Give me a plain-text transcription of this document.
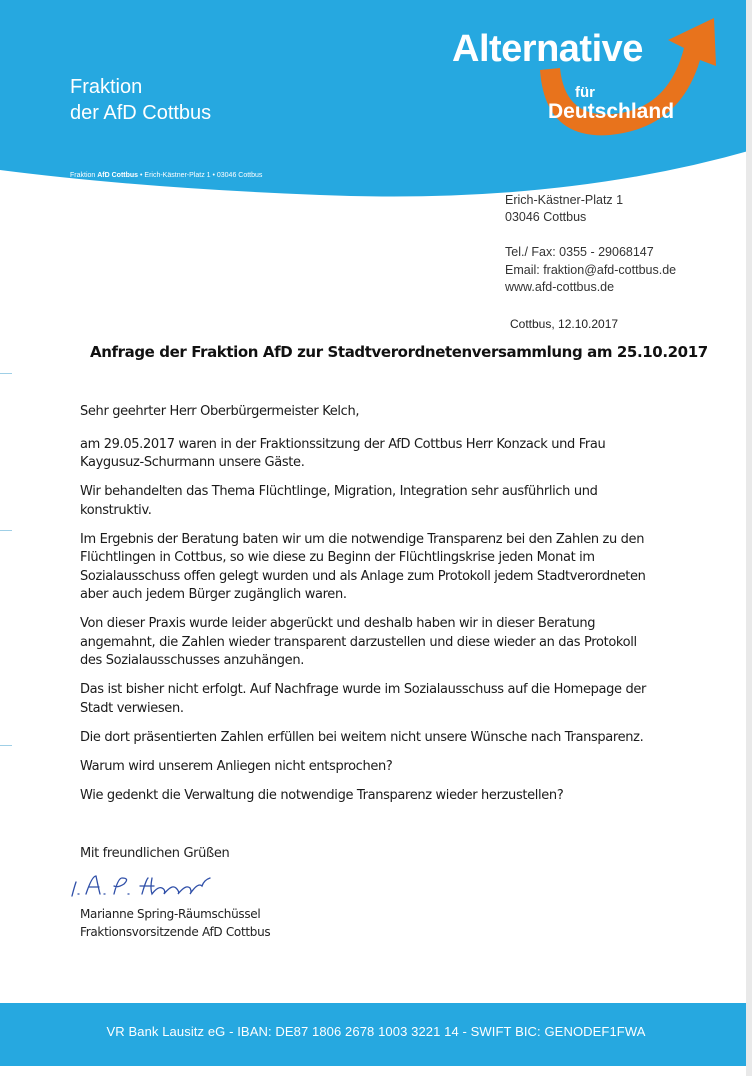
Fraktion
der AfD Cottbus
Alternative
für
Deutschland
Fraktion AfD Cottbus • Erich-Kästner-Platz 1 • 03046 Cottbus
Erich-Kästner-Platz 1
03046 Cottbus
Tel./ Fax: 0355 - 29068147
Email: fraktion@afd-cottbus.de
www.afd-cottbus.de
Cottbus, 12.10.2017
Anfrage der Fraktion AfD zur Stadtverordnetenversammlung am 25.10.2017

Sehr geehrter Herr Oberbürgermeister Kelch,

am 29.05.2017 waren in der Fraktionssitzung der AfD Cottbus Herr Konzack und Frau Kaygusuz-Schurmann unsere Gäste.

Wir behandelten das Thema Flüchtlinge, Migration, Integration sehr ausführlich und konstruktiv.

Im Ergebnis der Beratung baten wir um die notwendige Transparenz bei den Zahlen zu den Flüchtlingen in Cottbus, so wie diese zu Beginn der Flüchtlingskrise jeden Monat im Sozialausschuss offen gelegt wurden und als Anlage zum Protokoll jedem Stadtverordneten aber auch jedem Bürger zugänglich waren.

Von dieser Praxis wurde leider abgerückt und deshalb haben wir in dieser Beratung angemahnt, die Zahlen wieder transparent darzustellen und diese wieder an das Protokoll des Sozialausschusses anzuhängen.

Das ist bisher nicht erfolgt. Auf Nachfrage wurde im Sozialausschuss auf die Homepage der Stadt verwiesen.

Die dort präsentierten Zahlen erfüllen bei weitem nicht unsere Wünsche nach Transparenz.

Warum wird unserem Anliegen nicht entsprochen?

Wie gedenkt die Verwaltung die notwendige Transparenz wieder herzustellen?

Mit freundlichen Grüßen
Marianne Spring-Räumschüssel
Fraktionsvorsitzende AfD Cottbus
VR Bank Lausitz eG - IBAN: DE87 1806 2678 1003 3221 14 - SWIFT BIC: GENODEF1FWA
